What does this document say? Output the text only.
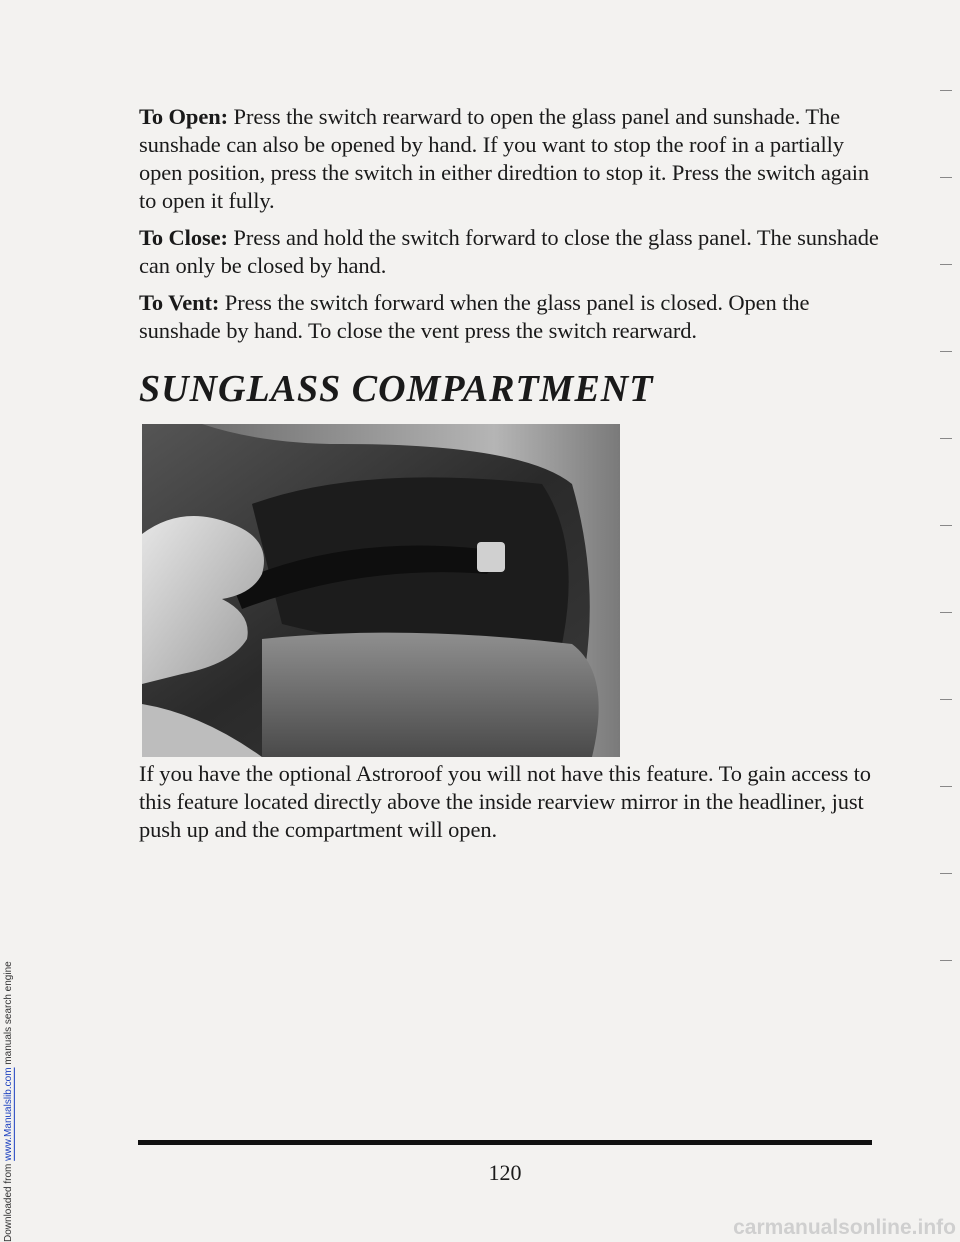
Downloaded from www.Manualslib.com manuals search engine

To Open: Press the switch rearward to open the glass panel and sunshade. The sunshade can also be opened by hand. If you want to stop the roof in a partially open position, press the switch in either diredtion to stop it. Press the switch again to open it fully.

To Close: Press and hold the switch forward to close the glass panel. The sunshade can only be closed by hand.

To Vent: Press the switch forward when the glass panel is closed. Open the sunshade by hand. To close the vent press the switch rearward.

SUNGLASS COMPARTMENT

If you have the optional Astroroof you will not have this feature. To gain access to this feature located directly above the inside rearview mirror in the headliner, just push up and the compartment will open.

120
carmanualsonline.info
